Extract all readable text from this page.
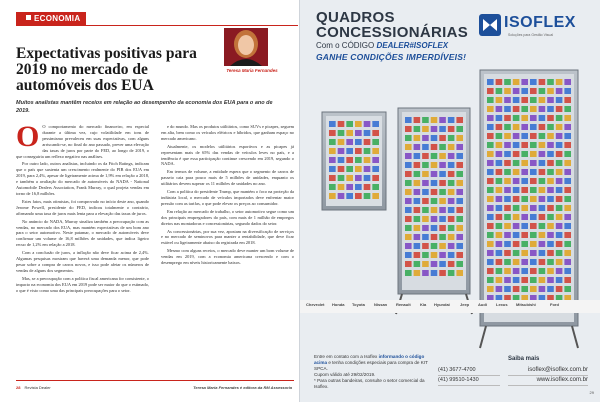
ECONOMIA
Expectativas positivas para 2019 no mercado de automóveis dos EUA
Teresa Maria Fernandes
Muitos analistas mantêm receios em relação ao desempenho da economia dos EUA para o ano de 2019.

O O comportamento do mercado financeiro, em especial durante a última vez, cujo volatilidade em tons de pessimismo prevaleceu em suas expectativas, com alguns arriscando-se, no final do ano passado, prever uma elevação das taxas de juros por parte do FED, ao longo de 2019, o que conseguiria um reflexo negativo nas análises.

Por outro lado, outros analistas, incluindo os da Fitch Ratings, indicam que o país que sustenta um crescimento realmente do PIB dos EUA em 2019, para 2,4%, apesar de ligeiramente acima de 1,9% em relação a 2018, e também a avaliação do mercado de automóveis do NADA - National Automobile Dealers Association, Frank Murray, o qual projeta vendas em torno de 16,8 milhões.

Estes fatos, mais otimistas, foi comprovado no início deste ano, quando Jerome Powell, presidente do FED, indicou totalmente o contrário, afirmando uma taxa de juros mais lenta para a elevação das taxas de juros.

No anúncio do NADA, Murray sinaliza também a preocupação com as vendas, no mercado dos EUA, mas mantém expectativas de um bom ano para o setor automotivo. Neste patamar, o mercado de automóveis deve confirmar um volume de 16,8 milhões de unidades, que indica ligeiro recuo de 1,2% em relação a 2018.

Com a conclusão de juros, a inflação não deve ficar acima de 2,4%. Algumas pesquisas mostram que haverá uma demanda menor, que pode pesar sobre a compra de carros novos, e isso pode afetar os números de vendas de alguns dos segmentos.

Mas, se a preocupação com a política fiscal americana for consistente, o impacto na economia dos EUA em 2019 pode ser maior do que o estimado, o que é visto como uma das principais preocupações para o setor.

e do mundo. Mas os produtos utilitários, como SUVs e picapes, seguem em alta, bem como os veículos elétricos e híbridos, que ganham espaço no mercado americano.

Atualmente, os modelos utilitários esportivos e as picapes já representam mais de 65% das vendas de veículos leves no país, e a tendência é que essa participação continue crescendo em 2019, segundo o NADA.

Em termos de volume, a entidade espera que o segmento de carros de passeio caia para pouco mais de 5 milhões de unidades, enquanto os utilitários devem superar os 11 milhões de unidades no ano.

Com a política do presidente Trump, que mantém o foco na proteção da indústria local, o mercado de veículos importados deve enfrentar maior pressão com as tarifas, o que pode elevar os preços ao consumidor.

Em relação ao mercado de trabalho, o setor automotivo segue como um dos principais empregadores do país, com mais de 1 milhão de empregos diretos nas montadoras e concessionárias, segundo dados do setor.

As concessionárias, por sua vez, apostam na diversificação de serviços e no mercado de seminovos para manter a rentabilidade, que deve ficar estável ou ligeiramente abaixo da registrada em 2018.

Mesmo com alguns receios, o mercado deve manter um bom volume de vendas em 2019, com a economia americana crescendo e com o desemprego em níveis historicamente baixos.

28 Revista Dealer	Teresa Maria Fernandes é editora da RM Assessoria
QUADROS
CONCESSIONÁRIAS
Com o CÓDIGO DEALER#ISOFLEX
GANHE CONDIÇÕES IMPERDÍVEIS!
ISOFLEX
Soluções para Gestão Visual
Chevrolet Honda Toyota Nissan Renault Kia Hyundai	Jeep Audi Lexus Mitsubishi	Ford
Entre em contato com a Isoflex informando o código acima e tenha condições especiais para compra de KIT SPCA.
Cupom válido até 29/02/2019.
* Para outras bandeiras, consulte o setor comercial da Isoflex.
(41) 3677-4700
(41) 99510-1430
Saiba mais
isoflex@isoflex.com.br
www.isoflex.com.br
29
